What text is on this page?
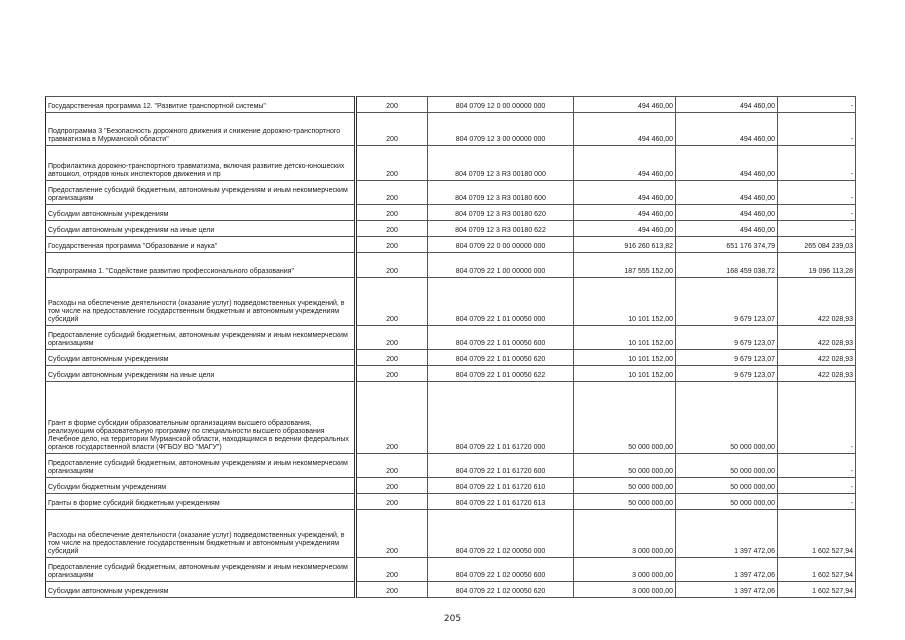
Государственная программа 12. "Развитие транспортной системы"	200	804 0709 12 0 00 00000 000	494 460,00	494 460,00	-
Подпрограмма 3 "Безопасность дорожного движения и снижение дорожно-транспортного травматизма в Мурманской области"	200	804 0709 12 3 00 00000 000	494 460,00	494 460,00	-
Профилактика дорожно-транспортного травматизма, включая развитие детско-юношеских автошкол, отрядов юных инспекторов движения и пр	200	804 0709 12 3 R3 00180 000	494 460,00	494 460,00	-
Предоставление субсидий бюджетным, автономным учреждениям и иным некоммерческим организациям	200	804 0709 12 3 R3 00180 600	494 460,00	494 460,00	-
Субсидии автономным учреждениям	200	804 0709 12 3 R3 00180 620	494 460,00	494 460,00	-
Субсидии автономным учреждениям на иные цели	200	804 0709 12 3 R3 00180 622	494 460,00	494 460,00	-
Государственная программа "Образование и наука"	200	804 0709 22 0 00 00000 000	916 260 613,82	651 176 374,79	265 084 239,03
Подпрограмма 1. "Содействие развитию профессионального образования"	200	804 0709 22 1 00 00000 000	187 555 152,00	168 459 038,72	19 096 113,28
Расходы на обеспечение деятельности (оказание услуг) подведомственных учреждений, в том числе на предоставление государственным бюджетным и автономным учреждениям субсидий	200	804 0709 22 1 01 00050 000	10 101 152,00	9 679 123,07	422 028,93
Предоставление субсидий бюджетным, автономным учреждениям и иным некоммерческим организациям	200	804 0709 22 1 01 00050 600	10 101 152,00	9 679 123,07	422 028,93
Субсидии автономным учреждениям	200	804 0709 22 1 01 00050 620	10 101 152,00	9 679 123,07	422 028,93
Субсидии автономным учреждениям на иные цели	200	804 0709 22 1 01 00050 622	10 101 152,00	9 679 123,07	422 028,93
Грант в форме субсидии образовательным организациям высшего образования, реализующим образовательную программу по специальности высшего образования Лечебное дело, на территории Мурманской области, находящимся в ведении федеральных органов государственной власти (ФГБОУ ВО "МАГУ")	200	804 0709 22 1 01 61720 000	50 000 000,00	50 000 000,00	-
Предоставление субсидий бюджетным, автономным учреждениям и иным некоммерческим организациям	200	804 0709 22 1 01 61720 600	50 000 000,00	50 000 000,00	-
Субсидии бюджетным учреждениям	200	804 0709 22 1 01 61720 610	50 000 000,00	50 000 000,00	-
Гранты в форме субсидий бюджетным учреждениям	200	804 0709 22 1 01 61720 613	50 000 000,00	50 000 000,00	-
Расходы на обеспечение деятельности (оказание услуг) подведомственных учреждений, в том числе на предоставление государственным бюджетным и автономным учреждениям субсидий	200	804 0709 22 1 02 00050 000	3 000 000,00	1 397 472,06	1 602 527,94
Предоставление субсидий бюджетным, автономным учреждениям и иным некоммерческим организациям	200	804 0709 22 1 02 00050 600	3 000 000,00	1 397 472,06	1 602 527,94
Субсидии автономным учреждениям	200	804 0709 22 1 02 00050 620	3 000 000,00	1 397 472,06	1 602 527,94
205
